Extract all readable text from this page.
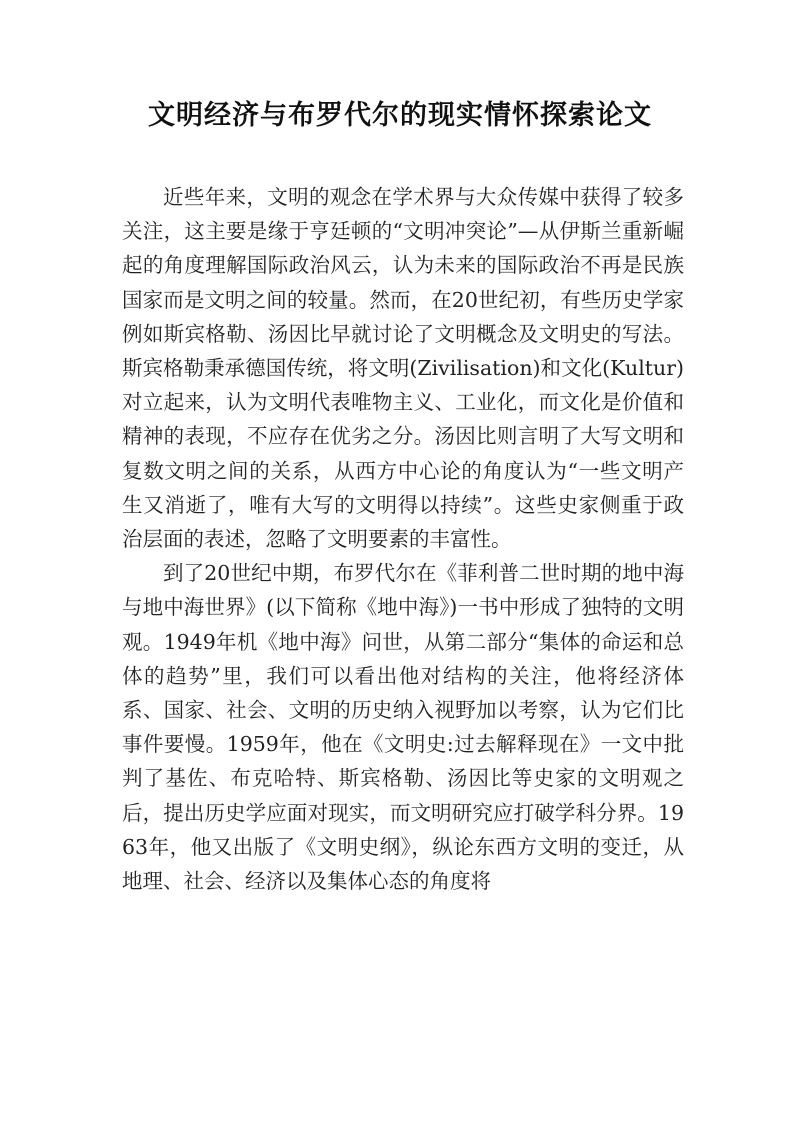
文明经济与布罗代尔的现实情怀探索论文

近些年来，文明的观念在学术界与大众传媒中获得了较多关注，这主要是缘于亨廷顿的“文明冲突论”—从伊斯兰重新崛起的角度理解国际政治风云，认为未来的国际政治不再是民族国家而是文明之间的较量。然而，在20世纪初，有些历史学家例如斯宾格勒、汤因比早就讨论了文明概念及文明史的写法。斯宾格勒秉承德国传统，将文明(Zivilisation)和文化(Kultur)对立起来，认为文明代表唯物主义、工业化，而文化是价值和精神的表现，不应存在优劣之分。汤因比则言明了大写文明和复数文明之间的关系，从西方中心论的角度认为“一些文明产生又消逝了，唯有大写的文明得以持续”。这些史家侧重于政治层面的表述，忽略了文明要素的丰富性。

到了20世纪中期，布罗代尔在《菲利普二世时期的地中海与地中海世界》(以下简称《地中海》)一书中形成了独特的文明观。1949年机《地中海》问世，从第二部分“集体的命运和总体的趋势”里，我们可以看出他对结构的关注，他将经济体系、国家、社会、文明的历史纳入视野加以考察，认为它们比事件要慢。1959年，他在《文明史:过去解释现在》一文中批判了基佐、布克哈特、斯宾格勒、汤因比等史家的文明观之后，提出历史学应面对现实，而文明研究应打破学科分界。1963年，他又出版了《文明史纲》，纵论东西方文明的变迁，从地理、社会、经济以及集体心态的角度将
